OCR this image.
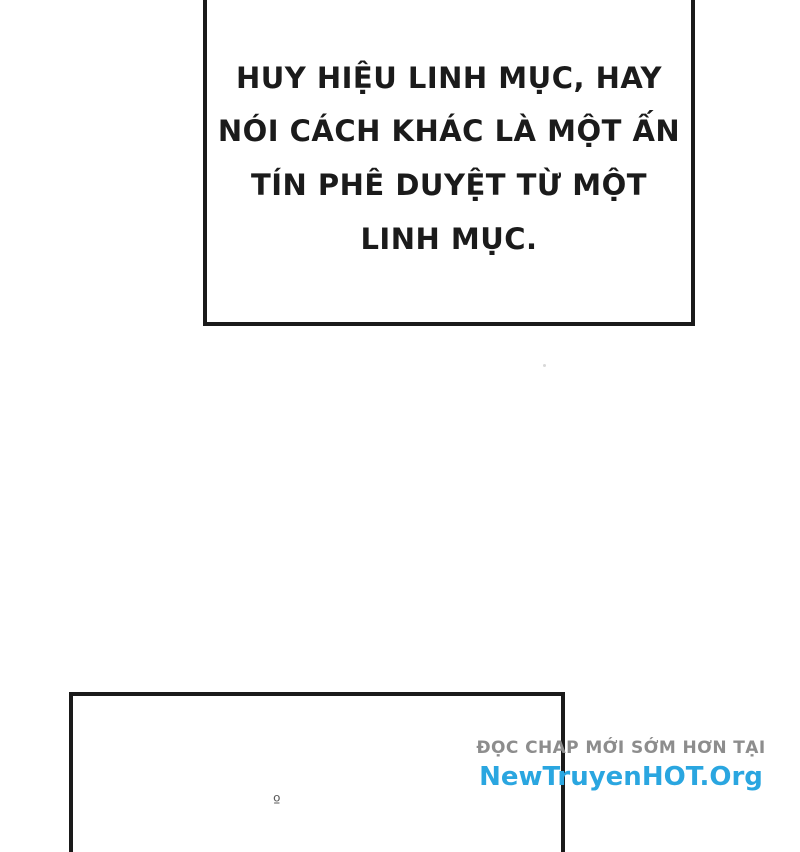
HUY HIỆU LINH MỤC, HAY
NÓI CÁCH KHÁC LÀ MỘT ẤN
TÍN PHÊ DUYỆT TỪ MỘT
LINH MỤC.
º
ĐỌC CHAP MỚI SỚM HƠN TẠI
NewTruyenHOT.Org
